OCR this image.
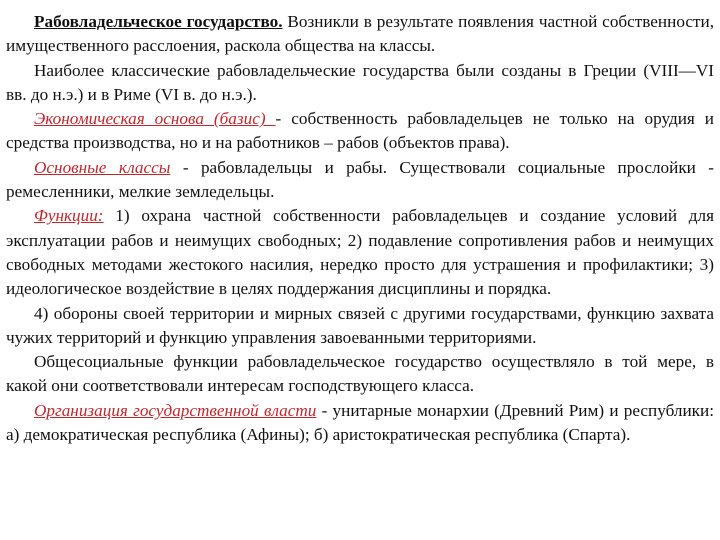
Рабовладельческое государство. Возникли в результате появления частной собственности, имущественного расслоения, раскола общества на классы.

Наиболее классические рабовладельческие государства были созданы в Греции (VIII—VI вв. до н.э.) и в Риме (VI в. до н.э.).

Экономическая основа (базис) - собственность рабовладельцев не только на орудия и средства производства, но и на работников – рабов (объектов права).

Основные классы - рабовладельцы и рабы. Существовали социальные прослойки - ремесленники, мелкие земледельцы.

Функции: 1) охрана частной собственности рабовладельцев и создание условий для эксплуатации рабов и неимущих свободных; 2) подавление сопротивления рабов и неимущих свободных методами жестокого насилия, нередко просто для устрашения и профилактики; 3) идеологическое воздействие в целях поддержания дисциплины и порядка.

4) обороны своей территории и мирных связей с другими государствами, функцию захвата чужих территорий и функцию управления завоеванными территориями.

Общесоциальные функции рабовладельческое государство осуществляло в той мере, в какой они соответствовали интересам господствующего класса.

Организация государственной власти - унитарные монархии (Древний Рим) и республики: а) демократическая республика (Афины); б) аристократическая республика (Спарта).
